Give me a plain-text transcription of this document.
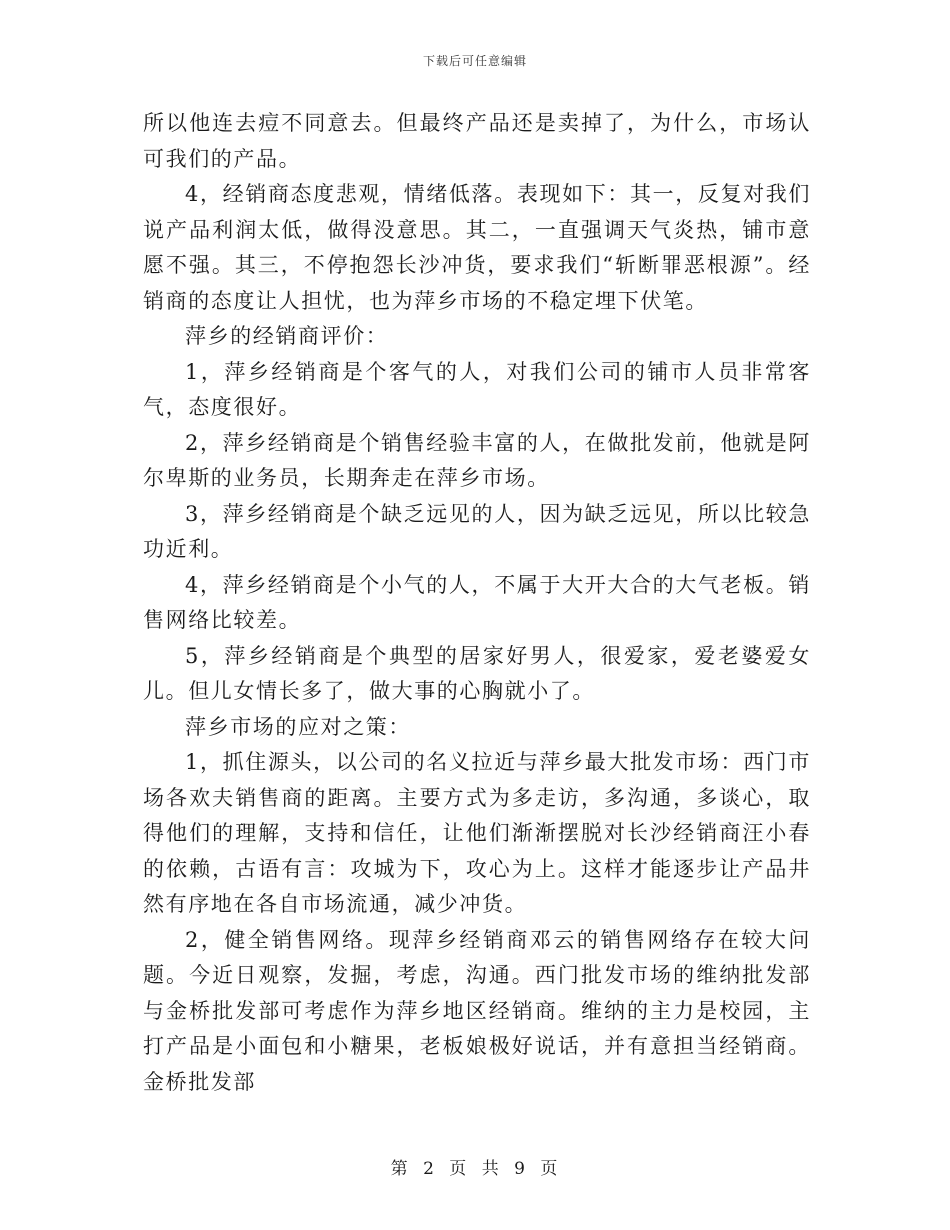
下载后可任意编辑

所以他连去痘不同意去。但最终产品还是卖掉了，为什么，市场认可我们的产品。

4，经销商态度悲观，情绪低落。表现如下：其一，反复对我们说产品利润太低，做得没意思。其二，一直强调天气炎热，铺市意愿不强。其三，不停抱怨长沙冲货，要求我们“斩断罪恶根源”。经销商的态度让人担忧，也为萍乡市场的不稳定埋下伏笔。

萍乡的经销商评价：

1，萍乡经销商是个客气的人，对我们公司的铺市人员非常客气，态度很好。

2，萍乡经销商是个销售经验丰富的人，在做批发前，他就是阿尔卑斯的业务员，长期奔走在萍乡市场。

3，萍乡经销商是个缺乏远见的人，因为缺乏远见，所以比较急功近利。

4，萍乡经销商是个小气的人，不属于大开大合的大气老板。销售网络比较差。

5，萍乡经销商是个典型的居家好男人，很爱家，爱老婆爱女儿。但儿女情长多了，做大事的心胸就小了。

萍乡市场的应对之策：

1，抓住源头，以公司的名义拉近与萍乡最大批发市场：西门市场各欢夫销售商的距离。主要方式为多走访，多沟通，多谈心，取得他们的理解，支持和信任，让他们渐渐摆脱对长沙经销商汪小春的依赖，古语有言：攻城为下，攻心为上。这样才能逐步让产品井然有序地在各自市场流通，减少冲货。

2，健全销售网络。现萍乡经销商邓云的销售网络存在较大问题。今近日观察，发掘，考虑，沟通。西门批发市场的维纳批发部与金桥批发部可考虑作为萍乡地区经销商。维纳的主力是校园，主打产品是小面包和小糖果，老板娘极好说话，并有意担当经销商。金桥批发部

第 2 页 共 9 页
